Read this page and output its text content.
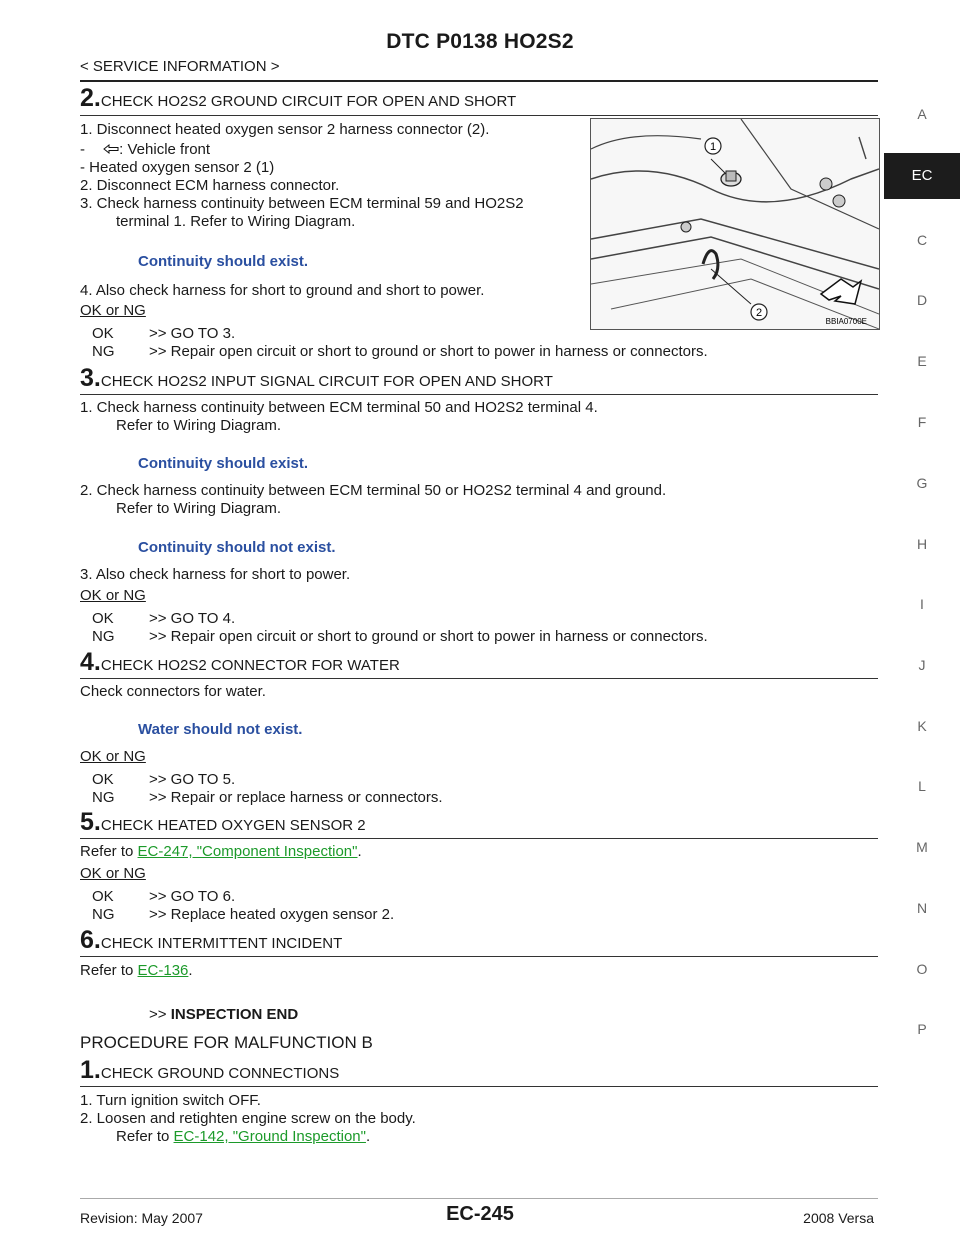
DTC P0138 HO2S2
< SERVICE INFORMATION >
A
EC
C
D
E
F
G
H
I
J
K
L
M
N
O
P
1
2
BBIA0700E
2.CHECK HO2S2 GROUND CIRCUIT FOR OPEN AND SHORT
1. Disconnect heated oxygen sensor 2 harness connector (2).
- : Vehicle front
- Heated oxygen sensor 2 (1)
2. Disconnect ECM harness connector.
3. Check harness continuity between ECM terminal 59 and HO2S2
terminal 1. Refer to Wiring Diagram.
Continuity should exist.
4. Also check harness for short to ground and short to power.
OK or NG
OK >> GO TO 3.
NG >> Repair open circuit or short to ground or short to power in harness or connectors.
3.CHECK HO2S2 INPUT SIGNAL CIRCUIT FOR OPEN AND SHORT
1. Check harness continuity between ECM terminal 50 and HO2S2 terminal 4.
Refer to Wiring Diagram.
Continuity should exist.
2. Check harness continuity between ECM terminal 50 or HO2S2 terminal 4 and ground.
Refer to Wiring Diagram.
Continuity should not exist.
3. Also check harness for short to power.
OK or NG
OK >> GO TO 4.
NG >> Repair open circuit or short to ground or short to power in harness or connectors.
4.CHECK HO2S2 CONNECTOR FOR WATER
Check connectors for water.
Water should not exist.
OK or NG
OK >> GO TO 5.
NG >> Repair or replace harness or connectors.
5.CHECK HEATED OXYGEN SENSOR 2
Refer to EC-247, "Component Inspection".
OK or NG
OK >> GO TO 6.
NG >> Replace heated oxygen sensor 2.
6.CHECK INTERMITTENT INCIDENT
Refer to EC-136.
>> INSPECTION END
PROCEDURE FOR MALFUNCTION B
1.CHECK GROUND CONNECTIONS
1. Turn ignition switch OFF.
2. Loosen and retighten engine screw on the body.
Refer to EC-142, "Ground Inspection".
Revision: May 2007	EC-245	2008 Versa
